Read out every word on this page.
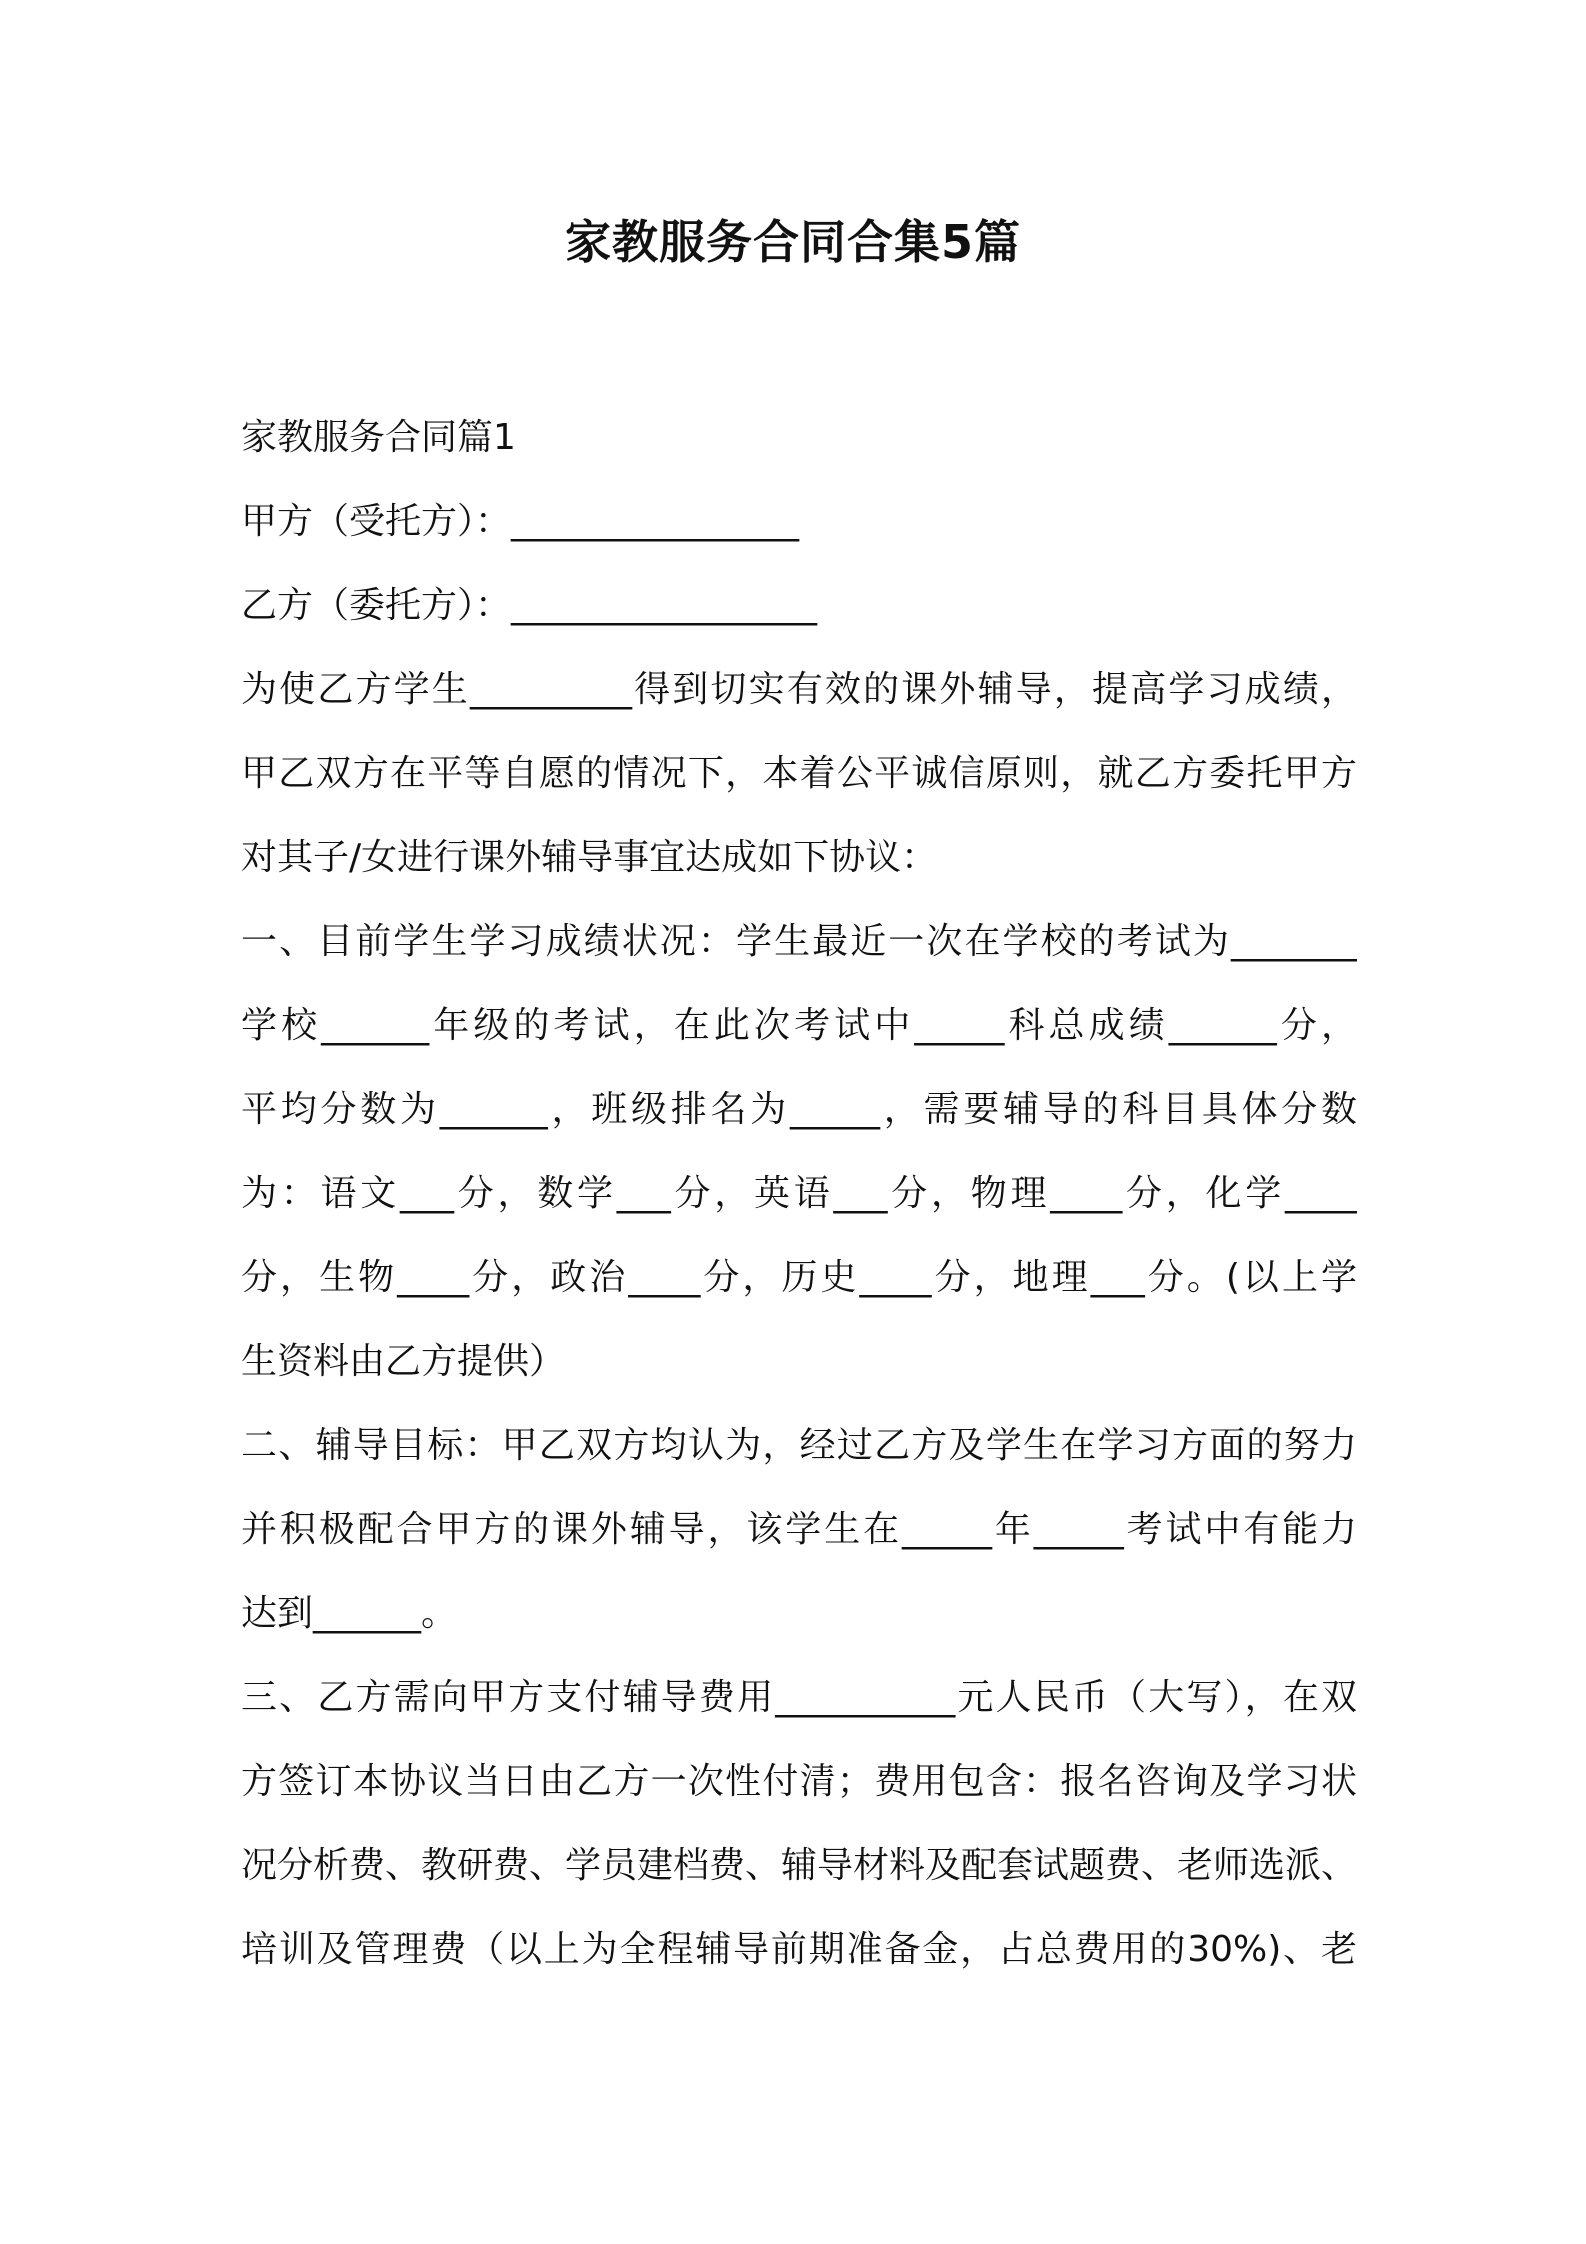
家教服务合同合集5篇
家教服务合同篇1
甲方（受托方）：________________
乙方（委托方）：_________________
为使乙方学生_________得到切实有效的课外辅导，提高学习成绩，
甲乙双方在平等自愿的情况下，本着公平诚信原则，就乙方委托甲方
对其子/女进行课外辅导事宜达成如下协议：
一、目前学生学习成绩状况：学生最近一次在学校的考试为_______
学校______年级的考试，在此次考试中_____科总成绩______分，
平均分数为______，班级排名为_____，需要辅导的科目具体分数
为：语文___分，数学___分，英语___分，物理____分，化学____
分，生物____分，政治____分，历史____分，地理___分。(以上学
生资料由乙方提供）
二、辅导目标：甲乙双方均认为，经过乙方及学生在学习方面的努力
并积极配合甲方的课外辅导，该学生在_____年_____考试中有能力
达到______。
三、乙方需向甲方支付辅导费用__________元人民币（大写），在双
方签订本协议当日由乙方一次性付清；费用包含：报名咨询及学习状
况分析费、教研费、学员建档费、辅导材料及配套试题费、老师选派、
培训及管理费（以上为全程辅导前期准备金，占总费用的30%)、老
